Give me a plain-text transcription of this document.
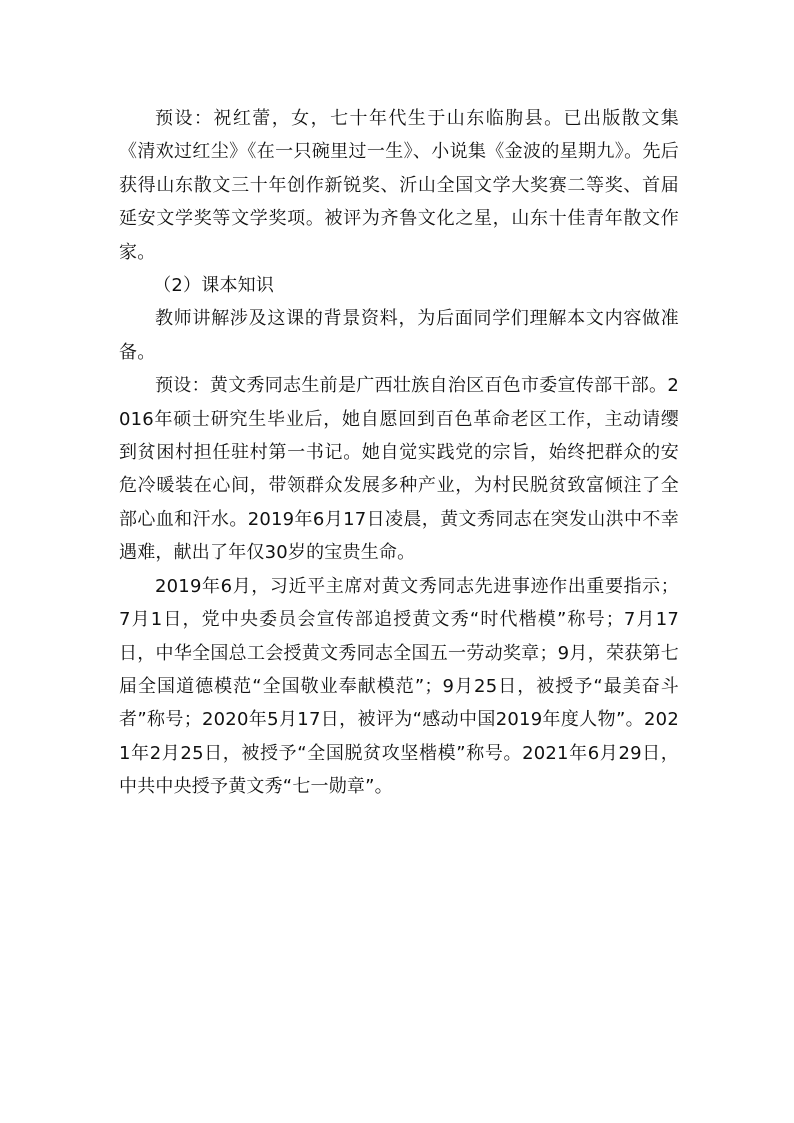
预设：祝红蕾，女，七十年代生于山东临朐县。已出版散文集《清欢过红尘》《在一只碗里过一生》、小说集《金波的星期九》。先后获得山东散文三十年创作新锐奖、沂山全国文学大奖赛二等奖、首届延安文学奖等文学奖项。被评为齐鲁文化之星，山东十佳青年散文作家。

（2）课本知识

教师讲解涉及这课的背景资料，为后面同学们理解本文内容做准备。

预设：黄文秀同志生前是广西壮族自治区百色市委宣传部干部。2016年硕士研究生毕业后，她自愿回到百色革命老区工作，主动请缨到贫困村担任驻村第一书记。她自觉实践党的宗旨，始终把群众的安危冷暖装在心间，带领群众发展多种产业，为村民脱贫致富倾注了全部心血和汗水。2019年6月17日凌晨，黄文秀同志在突发山洪中不幸遇难，献出了年仅30岁的宝贵生命。

2019年6月，习近平主席对黄文秀同志先进事迹作出重要指示；7月1日，党中央委员会宣传部追授黄文秀“时代楷模”称号；7月17日，中华全国总工会授黄文秀同志全国五一劳动奖章；9月，荣获第七届全国道德模范“全国敬业奉献模范”；9月25日，被授予“最美奋斗者”称号；2020年5月17日，被评为“感动中国2019年度人物”。2021年2月25日，被授予“全国脱贫攻坚楷模”称号。2021年6月29日，中共中央授予黄文秀“七一勋章”。
